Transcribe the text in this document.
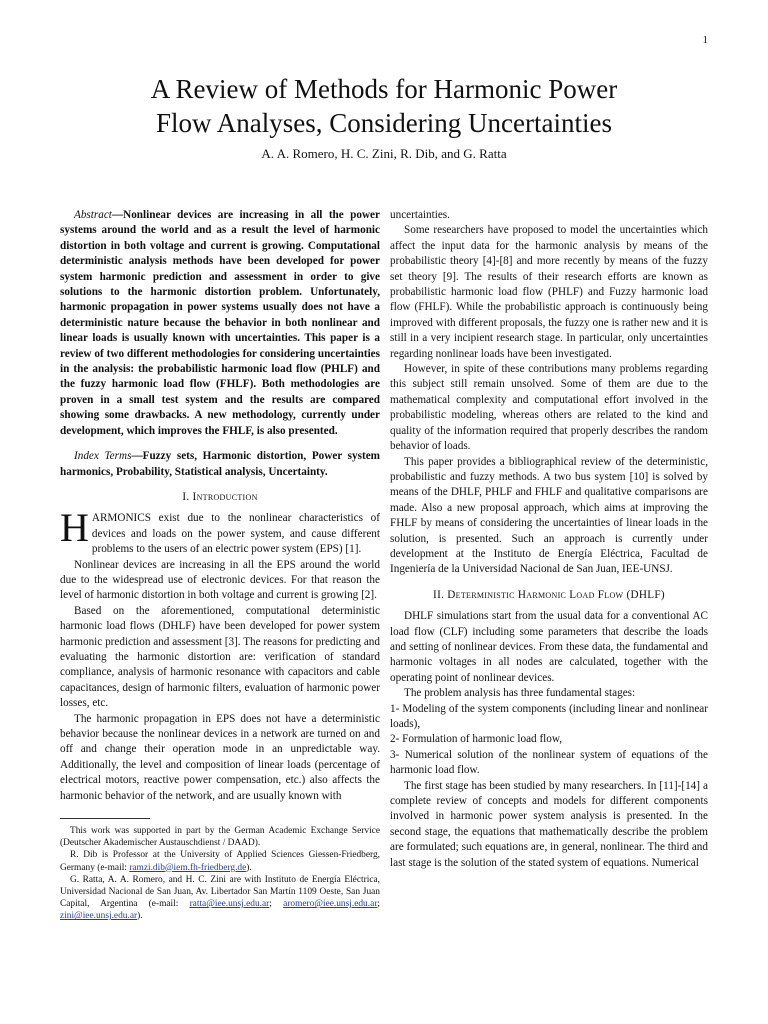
1
A Review of Methods for Harmonic Power
Flow Analyses, Considering Uncertainties
A. A. Romero, H. C. Zini, R. Dib, and G. Ratta

Abstract—Nonlinear devices are increasing in all the power systems around the world and as a result the level of harmonic distortion in both voltage and current is growing. Computational deterministic analysis methods have been developed for power system harmonic prediction and assessment in order to give solutions to the harmonic distortion problem. Unfortunately, harmonic propagation in power systems usually does not have a deterministic nature because the behavior in both nonlinear and linear loads is usually known with uncertainties. This paper is a review of two different methodologies for considering uncertainties in the analysis: the probabilistic harmonic load flow (PHLF) and the fuzzy harmonic load flow (FHLF). Both methodologies are proven in a small test system and the results are compared showing some drawbacks. A new methodology, currently under development, which improves the FHLF, is also presented.

Index Terms—Fuzzy sets, Harmonic distortion, Power system harmonics, Probability, Statistical analysis, Uncertainty.

I. Introduction

HARMONICS exist due to the nonlinear characteristics of devices and loads on the power system, and cause different problems to the users of an electric power system (EPS) [1].

Nonlinear devices are increasing in all the EPS around the world due to the widespread use of electronic devices. For that reason the level of harmonic distortion in both voltage and current is growing [2].

Based on the aforementioned, computational deterministic harmonic load flows (DHLF) have been developed for power system harmonic prediction and assessment [3]. The reasons for predicting and evaluating the harmonic distortion are: verification of standard compliance, analysis of harmonic resonance with capacitors and cable capacitances, design of harmonic filters, evaluation of harmonic power losses, etc.

The harmonic propagation in EPS does not have a deterministic behavior because the nonlinear devices in a network are turned on and off and change their operation mode in an unpredictable way. Additionally, the level and composition of linear loads (percentage of electrical motors, reactive power compensation, etc.) also affects the harmonic behavior of the network, and are usually known with

This work was supported in part by the German Academic Exchange Service (Deutscher Akademischer Austauschdienst / DAAD).

R. Dib is Professor at the University of Applied Sciences Giessen-Friedberg, Germany (e-mail: ramzi.dib@iem.fh-friedberg.de).

G. Ratta, A. A. Romero, and H. C. Zini are with Instituto de Energía Eléctrica, Universidad Nacional de San Juan, Av. Libertador San Martín 1109 Oeste, San Juan Capital, Argentina (e-mail: ratta@iee.unsj.edu.ar; aromero@iee.unsj.edu.ar; zini@iee.unsj.edu.ar).

uncertainties.

Some researchers have proposed to model the uncertainties which affect the input data for the harmonic analysis by means of the probabilistic theory [4]-[8] and more recently by means of the fuzzy set theory [9]. The results of their research efforts are known as probabilistic harmonic load flow (PHLF) and Fuzzy harmonic load flow (FHLF). While the probabilistic approach is continuously being improved with different proposals, the fuzzy one is rather new and it is still in a very incipient research stage. In particular, only uncertainties regarding nonlinear loads have been investigated.

However, in spite of these contributions many problems regarding this subject still remain unsolved. Some of them are due to the mathematical complexity and computational effort involved in the probabilistic modeling, whereas others are related to the kind and quality of the information required that properly describes the random behavior of loads.

This paper provides a bibliographical review of the deterministic, probabilistic and fuzzy methods. A two bus system [10] is solved by means of the DHLF, PHLF and FHLF and qualitative comparisons are made. Also a new proposal approach, which aims at improving the FHLF by means of considering the uncertainties of linear loads in the solution, is presented. Such an approach is currently under development at the Instituto de Energía Eléctrica, Facultad de Ingeniería de la Universidad Nacional de San Juan, IEE-UNSJ.

II. Deterministic Harmonic Load Flow (DHLF)

DHLF simulations start from the usual data for a conventional AC load flow (CLF) including some parameters that describe the loads and setting of nonlinear devices. From these data, the fundamental and harmonic voltages in all nodes are calculated, together with the operating point of nonlinear devices.

The problem analysis has three fundamental stages:

1- Modeling of the system components (including linear and nonlinear loads),

2- Formulation of harmonic load flow,

3- Numerical solution of the nonlinear system of equations of the harmonic load flow.

The first stage has been studied by many researchers. In [11]-[14] a complete review of concepts and models for different components involved in harmonic power system analysis is presented. In the second stage, the equations that mathematically describe the problem are formulated; such equations are, in general, nonlinear. The third and last stage is the solution of the stated system of equations. Numerical
